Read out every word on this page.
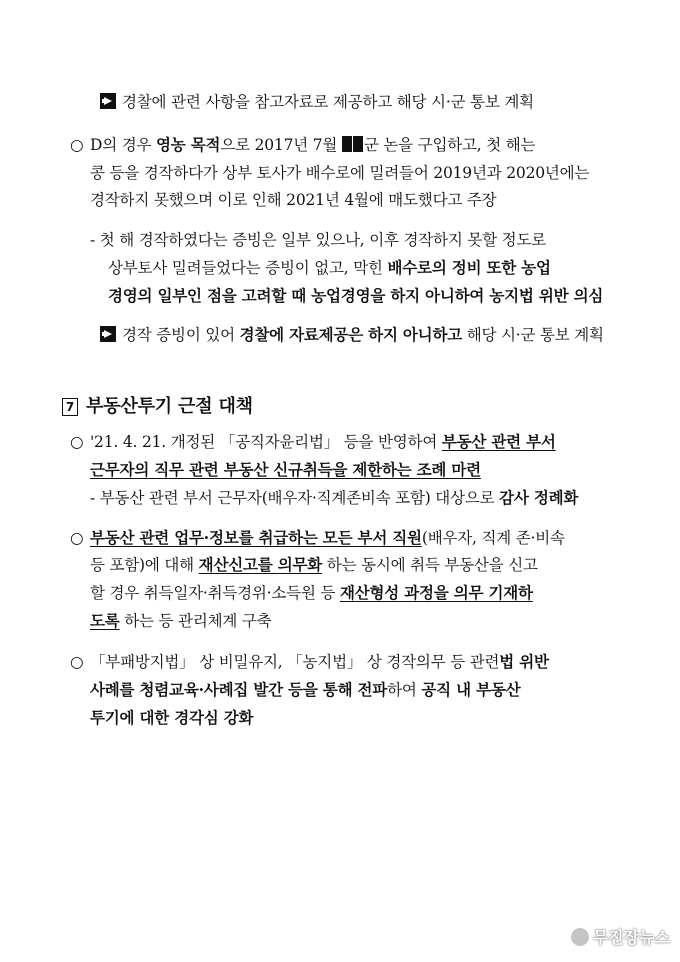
경찰에 관련 사항을 참고자료로 제공하고 해당 시·군 통보 계획
○ D의 경우 영농 목적으로 2017년 7월 군 논을 구입하고, 첫 해는
콩 등을 경작하다가 상부 토사가 배수로에 밀려들어 2019년과 2020년에는
경작하지 못했으며 이로 인해 2021년 4월에 매도했다고 주장
- 첫 해 경작하였다는 증빙은 일부 있으나, 이후 경작하지 못할 정도로
상부토사 밀려들었다는 증빙이 없고, 막힌 배수로의 정비 또한 농업
경영의 일부인 점을 고려할 때 농업경영을 하지 아니하여 농지법 위반 의심
경작 증빙이 있어 경찰에 자료제공은 하지 아니하고 해당 시·군 통보 계획
7 부동산투기 근절 대책
○ '21. 4. 21. 개정된 「공직자윤리법」 등을 반영하여 부동산 관련 부서
근무자의 직무 관련 부동산 신규취득을 제한하는 조례 마련
- 부동산 관련 부서 근무자(배우자·직계존비속 포함) 대상으로 감사 정례화
○ 부동산 관련 업무·정보를 취급하는 모든 부서 직원(배우자, 직계 존·비속
등 포함)에 대해 재산신고를 의무화 하는 동시에 취득 부동산을 신고
할 경우 취득일자·취득경위·소득원 등 재산형성 과정을 의무 기재하
도록 하는 등 관리체계 구축
○ 「부패방지법」 상 비밀유지, 「농지법」 상 경작의무 등 관련법 위반
사례를 청렴교육·사례집 발간 등을 통해 전파하여 공직 내 부동산
투기에 대한 경각심 강화
무진장뉴스
